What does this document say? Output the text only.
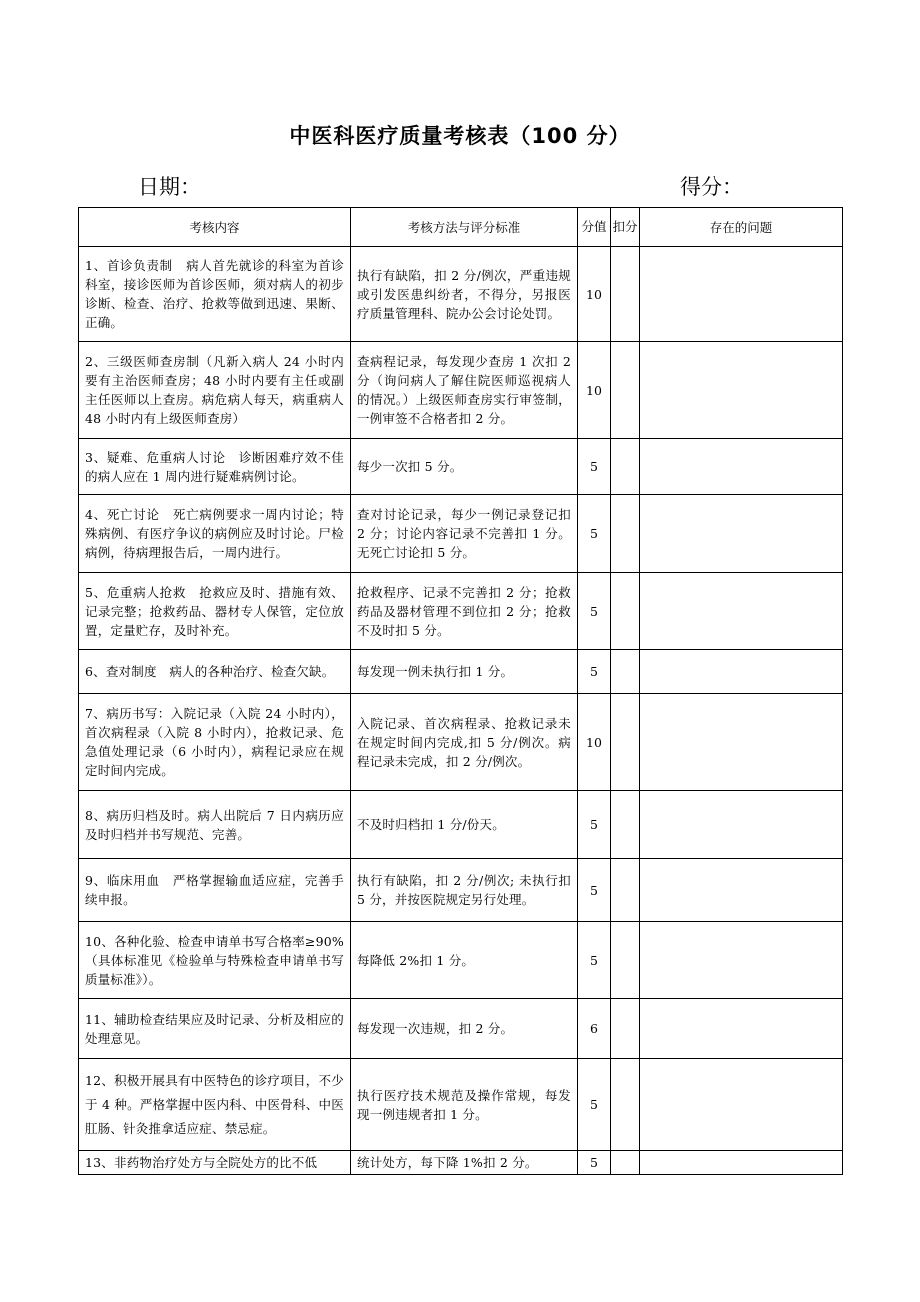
中医科医疗质量考核表（100 分）
日期：	得分：
考核内容	考核方法与评分标准	分值	扣分	存在的问题
1、首诊负责制　病人首先就诊的科室为首诊科室，接诊医师为首诊医师，须对病人的初步诊断、检查、治疗、抢救等做到迅速、果断、正确。	执行有缺陷，扣 2 分/例次，严重违规或引发医患纠纷者，不得分，另报医疗质量管理科、院办公会讨论处罚。	10		
2、三级医师查房制（凡新入病人 24 小时内要有主治医师查房；48 小时内要有主任或副主任医师以上查房。病危病人每天，病重病人 48 小时内有上级医师查房）	查病程记录，每发现少查房 1 次扣 2 分（询问病人了解住院医师巡视病人的情况。）上级医师查房实行审签制，一例审签不合格者扣 2 分。	10		
3、疑难、危重病人讨论　诊断困难疗效不佳的病人应在 1 周内进行疑难病例讨论。	每少一次扣 5 分。	5		
4、死亡讨论　死亡病例要求一周内讨论；特殊病例、有医疗争议的病例应及时讨论。尸检病例，待病理报告后，一周内进行。	查对讨论记录，每少一例记录登记扣 2 分；讨论内容记录不完善扣 1 分。无死亡讨论扣 5 分。	5		
5、危重病人抢救　抢救应及时、措施有效、记录完整；抢救药品、器材专人保管，定位放置，定量贮存，及时补充。	抢救程序、记录不完善扣 2 分；抢救药品及器材管理不到位扣 2 分；抢救不及时扣 5 分。	5		
6、查对制度　病人的各种治疗、检查欠缺。	每发现一例未执行扣 1 分。	5		
7、病历书写：入院记录（入院 24 小时内），首次病程录（入院 8 小时内），抢救记录、危急值处理记录（6 小时内），病程记录应在规定时间内完成。	入院记录、首次病程录、抢救记录未在规定时间内完成,扣 5 分/例次。病程记录未完成，扣 2 分/例次。	10		
8、病历归档及时。病人出院后 7 日内病历应及时归档并书写规范、完善。	不及时归档扣 1 分/份天。	5		
9、临床用血　严格掌握输血适应症，完善手续申报。	执行有缺陷，扣 2 分/例次; 未执行扣 5 分，并按医院规定另行处理。	5		
10、各种化验、检查申请单书写合格率≥90%（具体标准见《检验单与特殊检查申请单书写质量标准》）。	每降低 2%扣 1 分。	5		
11、辅助检查结果应及时记录、分析及相应的处理意见。	每发现一次违规，扣 2 分。	6		
12、积极开展具有中医特色的诊疗项目，不少于 4 种。严格掌握中医内科、中医骨科、中医肛肠、针灸推拿适应症、禁忌症。	执行医疗技术规范及操作常规，每发现一例违规者扣 1 分。	5		
13、非药物治疗处方与全院处方的比不低	统计处方，每下降 1%扣 2 分。	5		
